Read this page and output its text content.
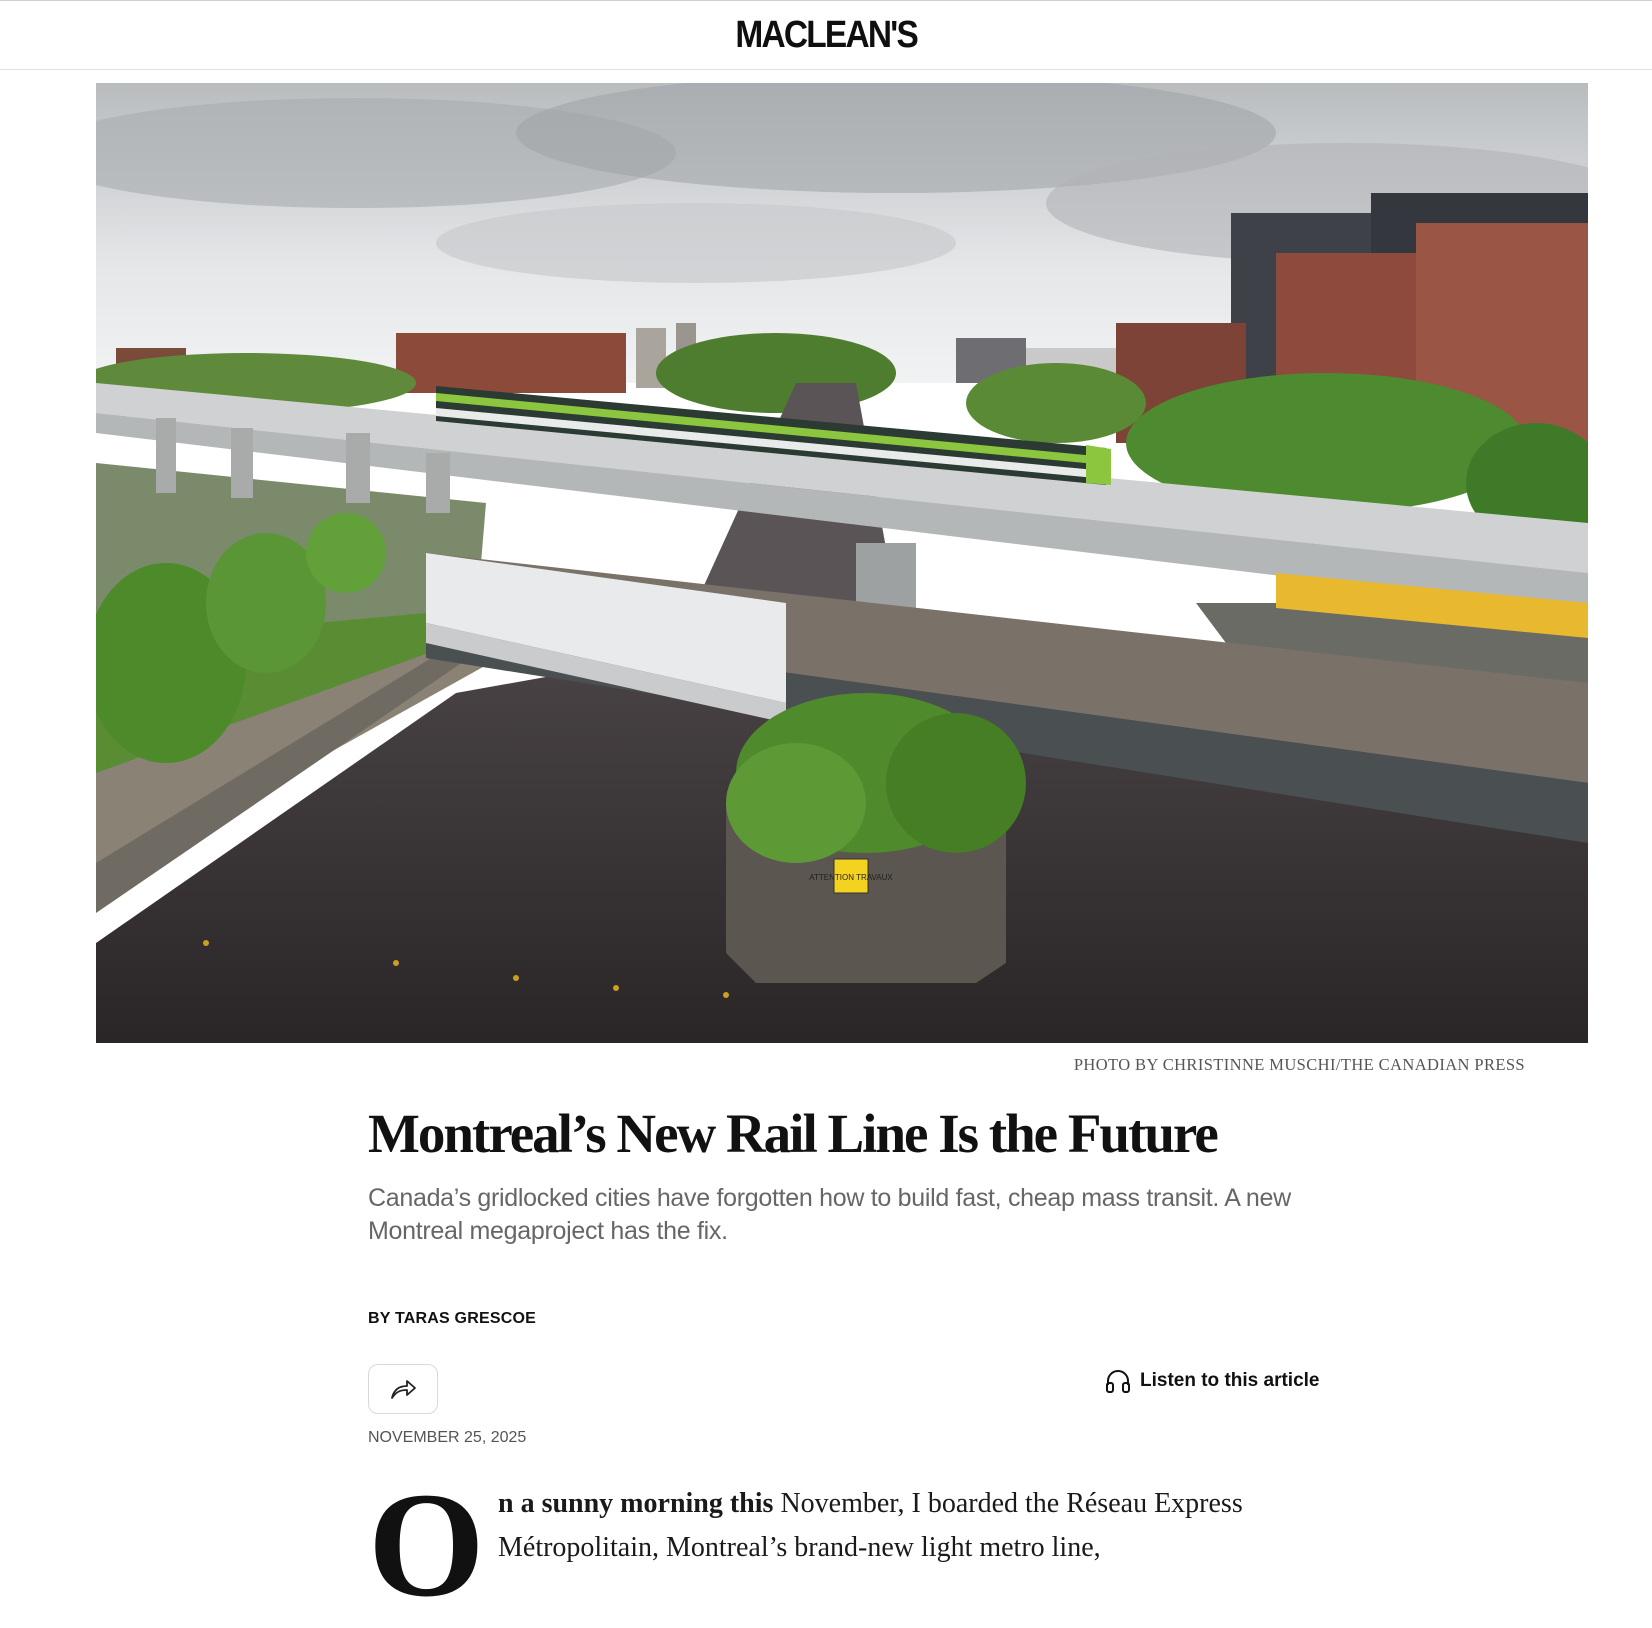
MACLEAN'S
ATTENTION TRAVAUX
PHOTO BY CHRISTINNE MUSCHI/THE CANADIAN PRESS
Montreal’s New Rail Line Is the Future

Canada’s gridlocked cities have forgotten how to build fast, cheap mass transit. A new Montreal megaproject has the fix.

BY TARAS GRESCOE
Listen to this article
NOVEMBER 25, 2025
O n a sunny morning this November, I boarded the Réseau Express Métropolitain, Montreal’s brand-new light metro line,
